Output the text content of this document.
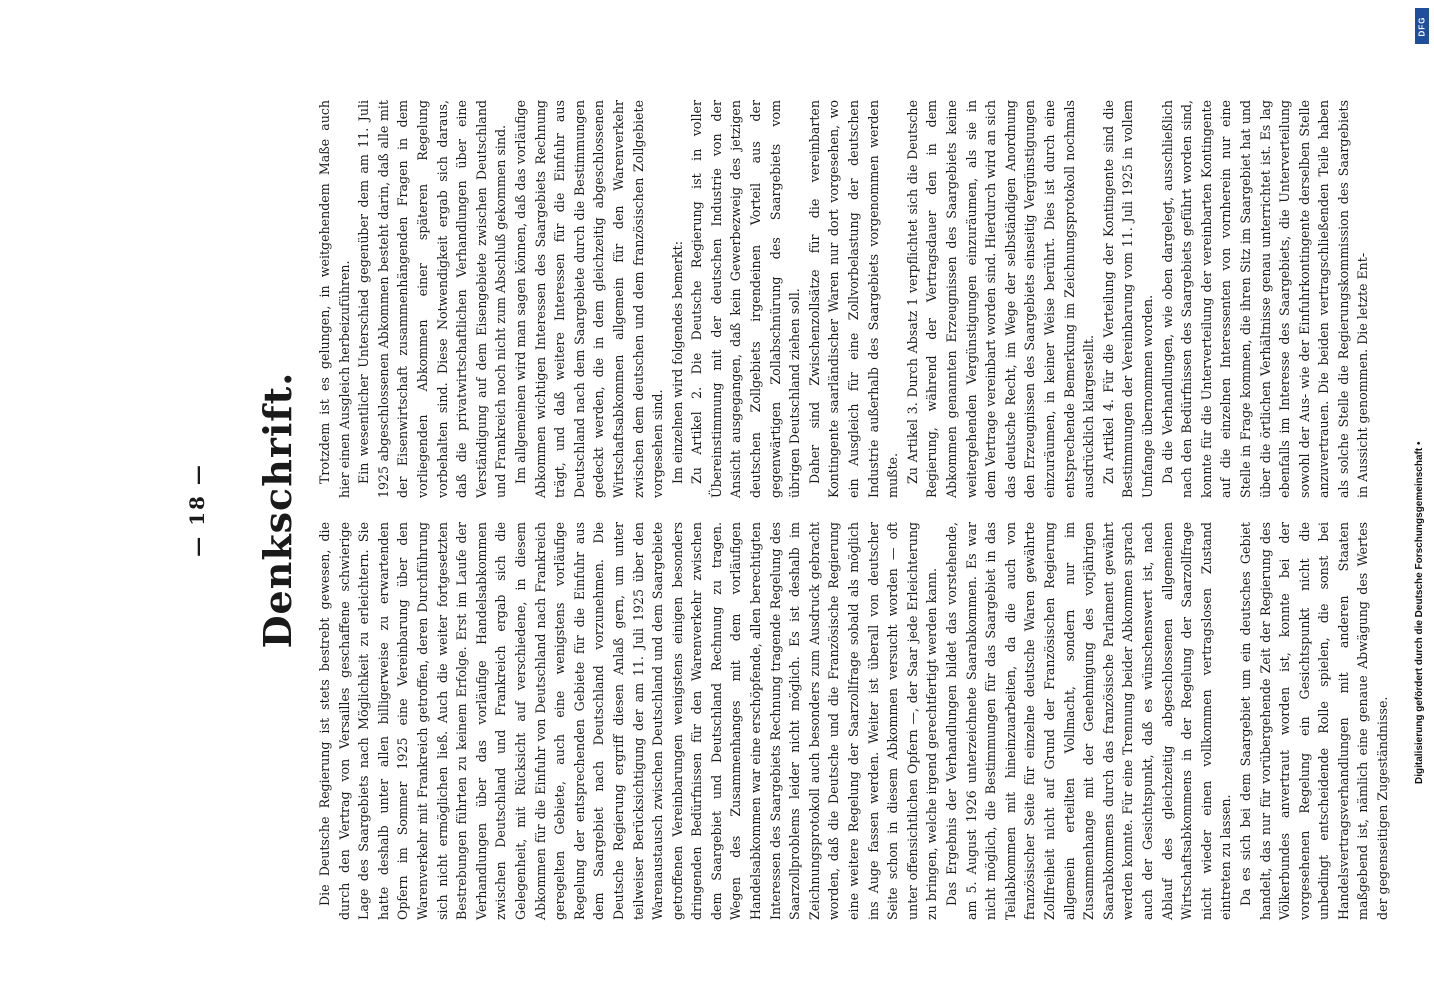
— 18 — Denkschrift.

Die Deutsche Regierung ist stets bestrebt gewesen, die durch den Vertrag von Versailles geschaffene schwierige Lage des Saargebiets nach Möglichkeit zu erleichtern. Sie hatte deshalb unter allen billigerweise zu erwartenden Opfern im Sommer 1925 eine Vereinbarung über den Warenverkehr mit Frankreich getroffen, deren Durchführung sich nicht ermöglichen ließ. Auch die weiter fortgesetzten Bestrebungen führten zu keinem Erfolge. Erst im Laufe der Verhandlungen über das vorläufige Handelsabkommen zwischen Deutschland und Frankreich ergab sich die Gelegenheit, mit Rücksicht auf verschiedene, in diesem Abkommen für die Einfuhr von Deutschland nach Frankreich geregelten Gebiete, auch eine wenigstens vorläufige Regelung der entsprechenden Gebiete für die Einfuhr aus dem Saargebiet nach Deutschland vorzunehmen. Die Deutsche Regierung ergriff diesen Anlaß gern, um unter teilweiser Berücksichtigung der am 11. Juli 1925 über den Warenaustausch zwischen Deutschland und dem Saargebiete getroffenen Vereinbarungen wenigstens einigen besonders dringenden Bedürfnissen für den Warenverkehr zwischen dem Saargebiet und Deutschland Rechnung zu tragen. Wegen des Zusammenhanges mit dem vorläufigen Handelsabkommen war eine erschöpfende, allen berechtigten Interessen des Saargebiets Rechnung tragende Regelung des Saarzollproblems leider nicht möglich. Es ist deshalb im Zeichnungsprotokoll auch besonders zum Ausdruck gebracht worden, daß die Deutsche und die Französische Regierung eine weitere Regelung der Saarzollfrage sobald als möglich ins Auge fassen werden. Weiter ist überall von deutscher Seite schon in diesem Abkommen versucht worden — oft unter offensichtlichen Opfern —, der Saar jede Erleichterung zu bringen, welche irgend gerechtfertigt werden kann. Das Ergebnis der Verhandlungen bildet das vorstehende, am 5. August 1926 unterzeichnete Saarabkommen. Es war nicht möglich, die Bestimmungen für das Saargebiet in das Teilabkommen mit hineinzuarbeiten, da die auch von französischer Seite für einzelne deutsche Waren gewährte Zollfreiheit nicht auf Grund der Französischen Regierung allgemein erteilten Vollmacht, sondern nur im Zusammenhange mit der Genehmigung des vorjährigen Saarabkommens durch das französische Parlament gewährt werden konnte. Für eine Trennung beider Abkommen sprach auch der Gesichtspunkt, daß es wünschenswert ist, nach Ablauf des gleichzeitig abgeschlossenen allgemeinen Wirtschaftsabkommens in der Regelung der Saarzollfrage nicht wieder einen vollkommen vertragslosen Zustand eintreten zu lassen. Da es sich bei dem Saargebiet um ein deutsches Gebiet handelt, das nur für vorübergehende Zeit der Regierung des Völkerbundes anvertraut worden ist, konnte bei der vorgesehenen Regelung ein Gesichtspunkt nicht die unbedingt entscheidende Rolle spielen, die sonst bei Handelsvertragsverhandlungen mit anderen Staaten maßgebend ist, nämlich eine genaue Abwägung des Wertes der gegenseitigen Zugeständnisse.

Trotzdem ist es gelungen, in weitgehendem Maße auch hier einen Ausgleich herbeizuführen. Ein wesentlicher Unterschied gegenüber dem am 11. Juli 1925 abgeschlossenen Abkommen besteht darin, daß alle mit der Eisenwirtschaft zusammenhängenden Fragen in dem vorliegenden Abkommen einer späteren Regelung vorbehalten sind. Diese Notwendigkeit ergab sich daraus, daß die privatwirtschaftlichen Verhandlungen über eine Verständigung auf dem Eisengebiete zwischen Deutschland und Frankreich noch nicht zum Abschluß gekommen sind. Im allgemeinen wird man sagen können, daß das vorläufige Abkommen wichtigen Interessen des Saargebiets Rechnung trägt, und daß weitere Interessen für die Einfuhr aus Deutschland nach dem Saargebiete durch die Bestimmungen gedeckt werden, die in dem gleichzeitig abgeschlossenen Wirtschaftsabkommen allgemein für den Warenverkehr zwischen dem deutschen und dem französischen Zollgebiete vorgesehen sind. Im einzelnen wird folgendes bemerkt: Zu Artikel 2. Die Deutsche Regierung ist in voller Übereinstimmung mit der deutschen Industrie von der Ansicht ausgegangen, daß kein Gewerbezweig des jetzigen deutschen Zollgebiets irgendeinen Vorteil aus der gegenwärtigen Zollabschnürung des Saargebiets vom übrigen Deutschland ziehen soll. Daher sind Zwischenzollsätze für die vereinbarten Kontingente saarländischer Waren nur dort vorgesehen, wo ein Ausgleich für eine Zollvorbelastung der deutschen Industrie außerhalb des Saargebiets vorgenommen werden mußte. Zu Artikel 3. Durch Absatz 1 verpflichtet sich die Deutsche Regierung, während der Vertragsdauer den in dem Abkommen genannten Erzeugnissen des Saargebiets keine weitergehenden Vergünstigungen einzuräumen, als sie in dem Vertrage vereinbart worden sind. Hierdurch wird an sich das deutsche Recht, im Wege der selbständigen Anordnung den Erzeugnissen des Saargebiets einseitig Vergünstigungen einzuräumen, in keiner Weise berührt. Dies ist durch eine entsprechende Bemerkung im Zeichnungsprotokoll nochmals ausdrücklich klargestellt. Zu Artikel 4. Für die Verteilung der Kontingente sind die Bestimmungen der Vereinbarung vom 11. Juli 1925 in vollem Umfange übernommen worden. Da die Verhandlungen, wie oben dargelegt, ausschließlich nach den Bedürfnissen des Saargebiets geführt worden sind, konnte für die Unterverteilung der vereinbarten Kontingente auf die einzelnen Interessenten von vornherein nur eine Stelle in Frage kommen, die ihren Sitz im Saargebiet hat und über die örtlichen Verhältnisse genau unterrichtet ist. Es lag ebenfalls im Interesse des Saargebiets, die Unterverteilung sowohl der Aus- wie der Einfuhrkontingente derselben Stelle anzuvertrauen. Die beiden vertragschließenden Teile haben als solche Stelle die Regierungskommission des Saargebiets in Aussicht genommen. Die letzte Ent-

DFG
Digitalisierung gefördert durch die Deutsche Forschungsgemeinschaft •
